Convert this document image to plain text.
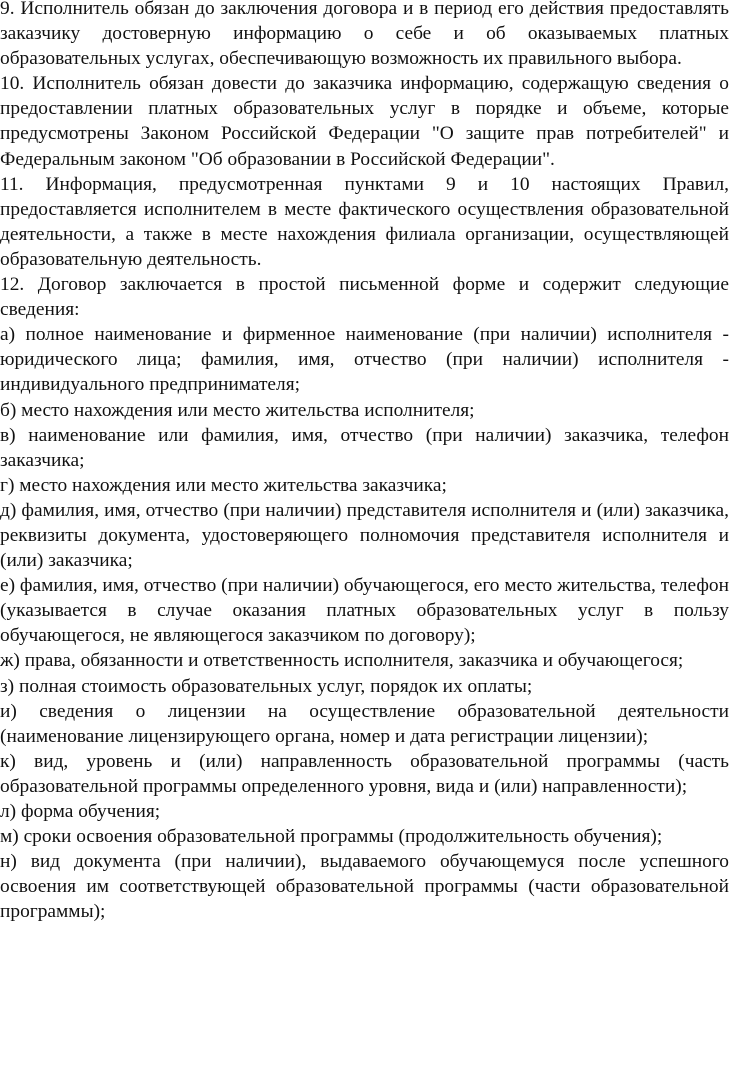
9. Исполнитель обязан до заключения договора и в период его действия предоставлять заказчику достоверную информацию о себе и об оказываемых платных образовательных услугах, обеспечивающую возможность их правильного выбора.

10. Исполнитель обязан довести до заказчика информацию, содержащую сведения о предоставлении платных образовательных услуг в порядке и объеме, которые предусмотрены Законом Российской Федерации "О защите прав потребителей" и Федеральным законом "Об образовании в Российской Федерации".

11. Информация, предусмотренная пунктами 9 и 10 настоящих Правил, предоставляется исполнителем в месте фактического осуществления образовательной деятельности, а также в месте нахождения филиала организации, осуществляющей образовательную деятельность.

12. Договор заключается в простой письменной форме и содержит следующие сведения:

а) полное наименование и фирменное наименование (при наличии) исполнителя - юридического лица; фамилия, имя, отчество (при наличии) исполнителя - индивидуального предпринимателя;

б) место нахождения или место жительства исполнителя;

в) наименование или фамилия, имя, отчество (при наличии) заказчика, телефон заказчика;

г) место нахождения или место жительства заказчика;

д) фамилия, имя, отчество (при наличии) представителя исполнителя и (или) заказчика, реквизиты документа, удостоверяющего полномочия представителя исполнителя и (или) заказчика;

е) фамилия, имя, отчество (при наличии) обучающегося, его место жительства, телефон (указывается в случае оказания платных образовательных услуг в пользу обучающегося, не являющегося заказчиком по договору);

ж) права, обязанности и ответственность исполнителя, заказчика и обучающегося;

з) полная стоимость образовательных услуг, порядок их оплаты;

и) сведения о лицензии на осуществление образовательной деятельности (наименование лицензирующего органа, номер и дата регистрации лицензии);

к) вид, уровень и (или) направленность образовательной программы (часть образовательной программы определенного уровня, вида и (или) направленности);

л) форма обучения;

м) сроки освоения образовательной программы (продолжительность обучения);

н) вид документа (при наличии), выдаваемого обучающемуся после успешного освоения им соответствующей образовательной программы (части образовательной программы);
